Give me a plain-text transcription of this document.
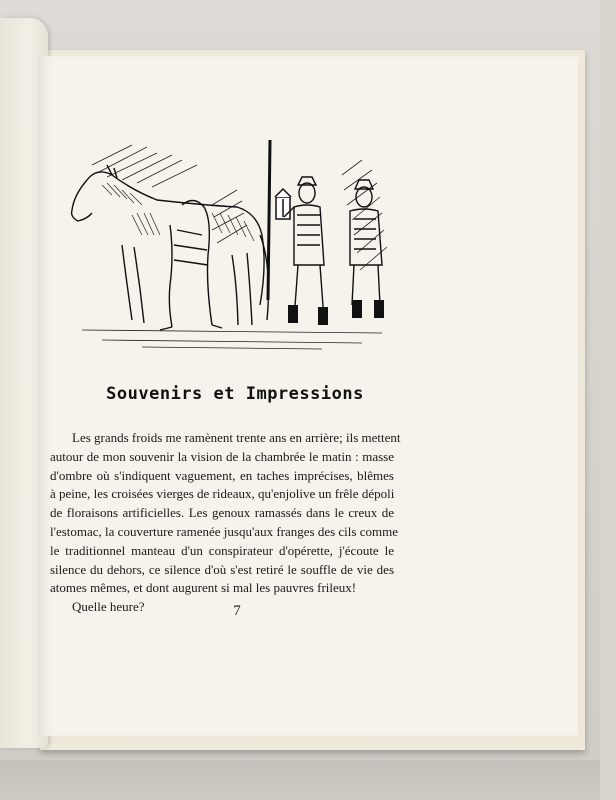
L
Souvenirs et Impressions

Les grands froids me ramènent trente ans en arrière; ils mettent
autour de mon souvenir la vision de la chambrée le matin : masse
d'ombre où s'indiquent vaguement, en taches imprécises, blêmes
à peine, les croisées vierges de rideaux, qu'enjolive un frêle dépoli
de floraisons artificielles. Les genoux ramassés dans le creux de
l'estomac, la couverture ramenée jusqu'aux franges des cils comme
le traditionnel manteau d'un conspirateur d'opérette, j'écoute le
silence du dehors, ce silence d'où s'est retiré le souffle de vie des
atomes mêmes, et dont augurent si mal les pauvres frileux!

Quelle heure?	7
